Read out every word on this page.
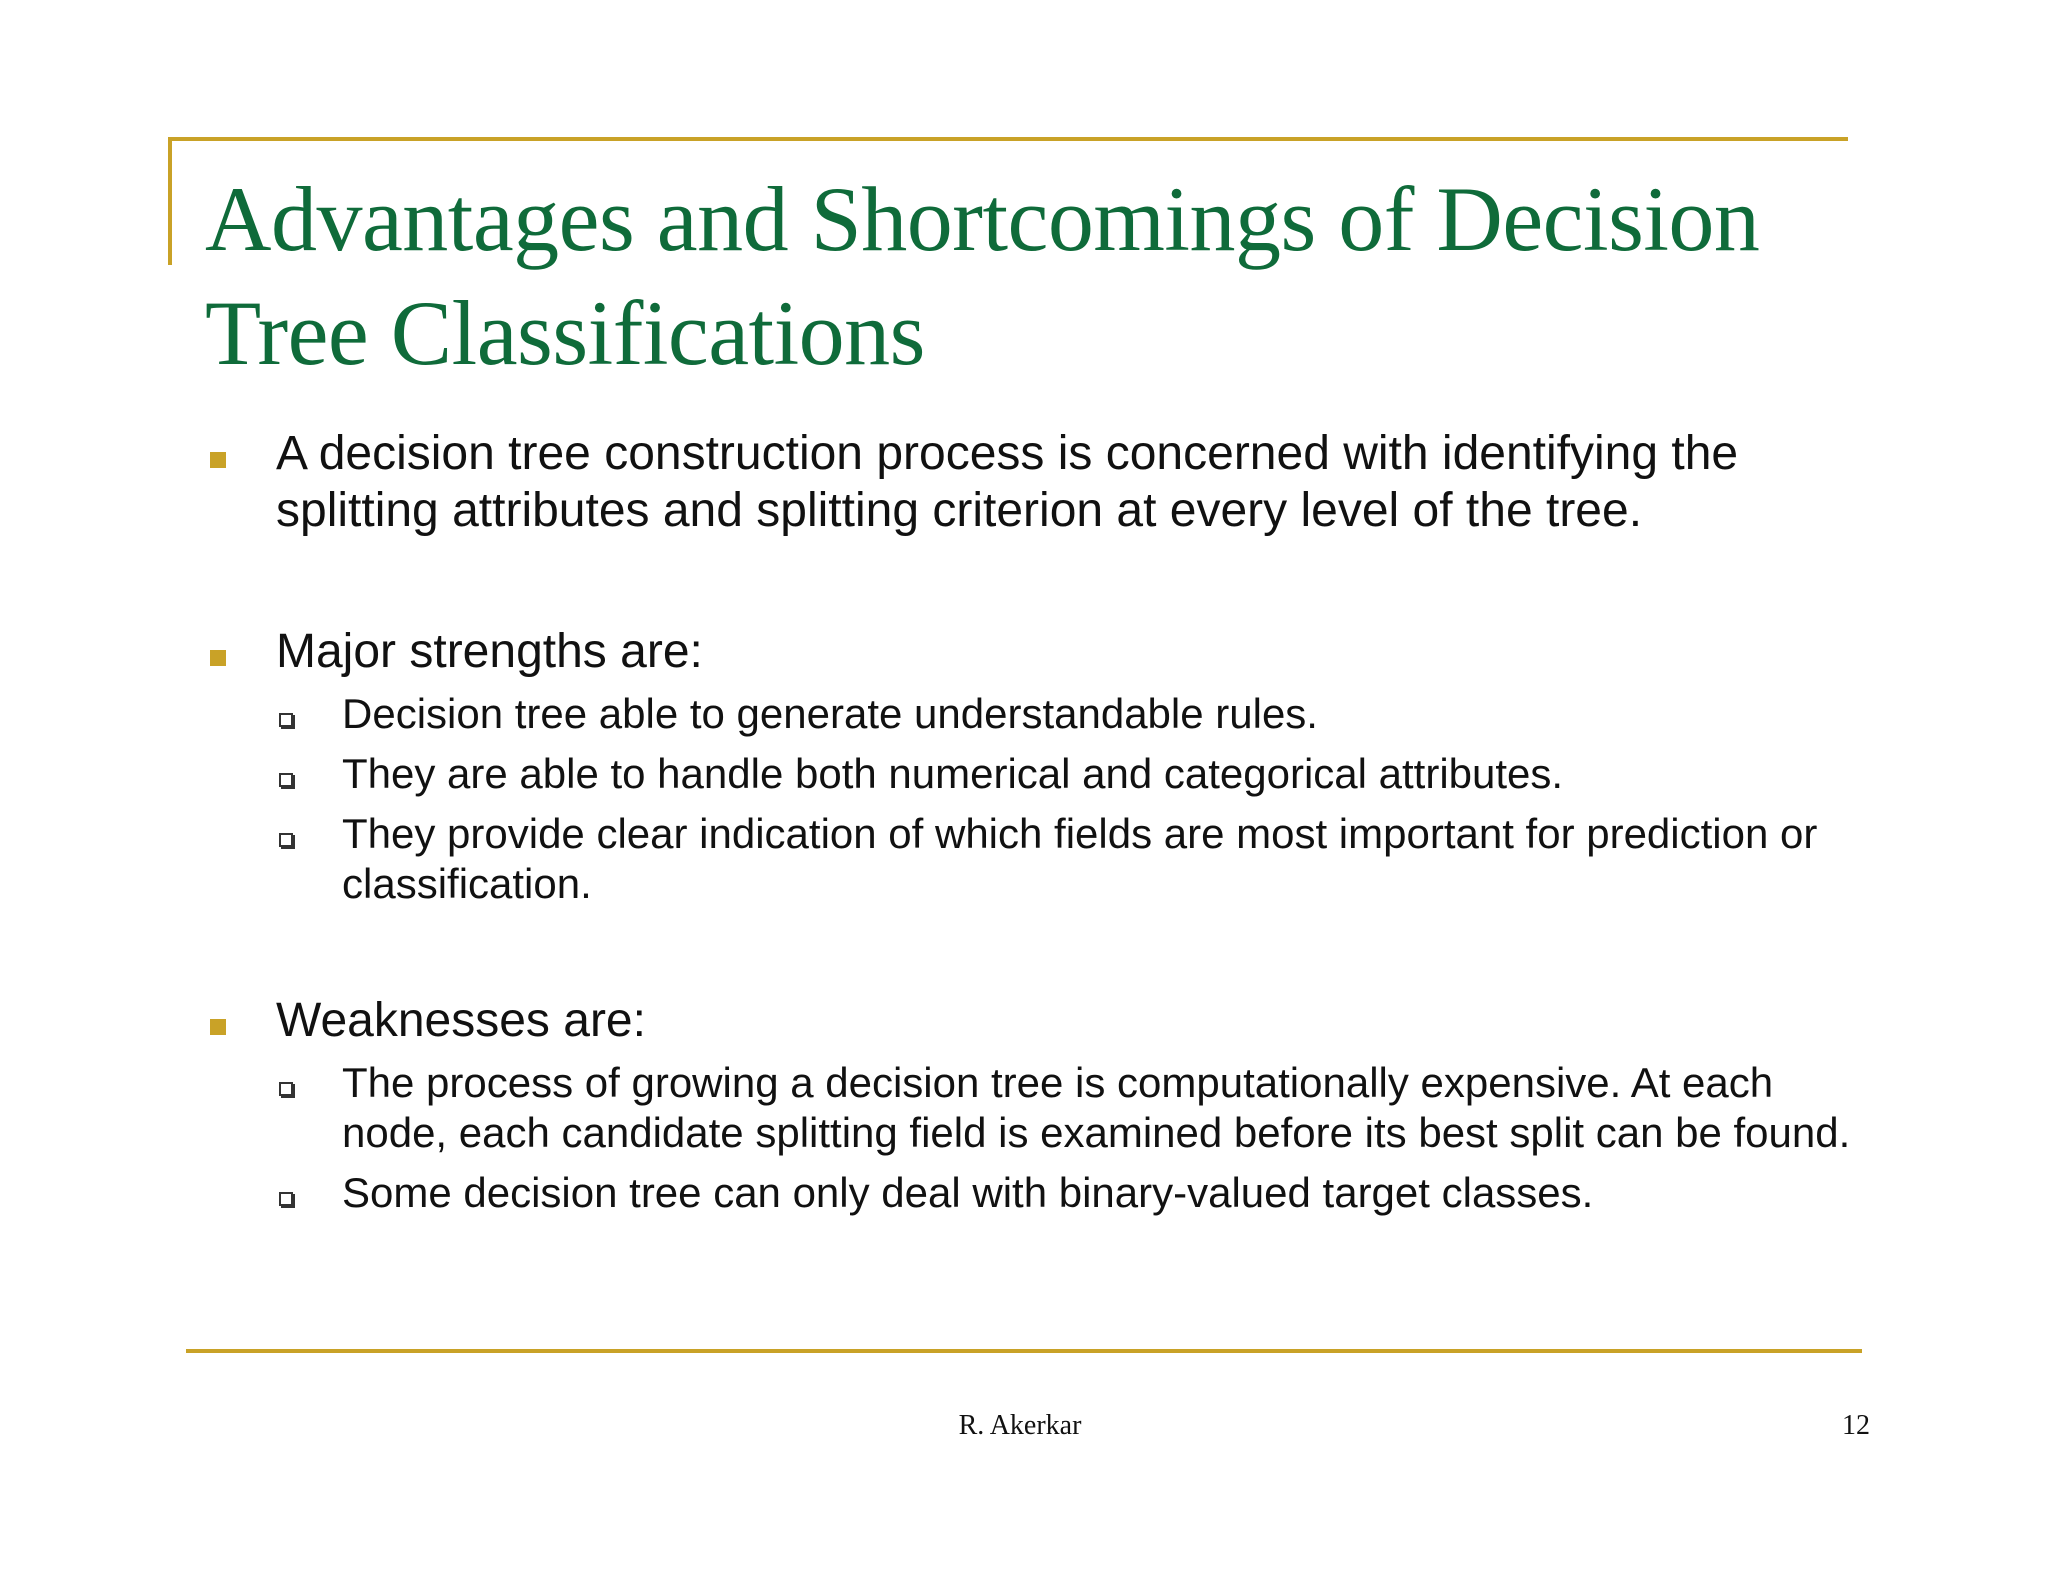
Advantages and Shortcomings of Decision Tree Classifications
A decision tree construction process is concerned with identifying the splitting attributes and splitting criterion at every level of the tree.
Major strengths are:
Decision tree able to generate understandable rules.
They are able to handle both numerical and categorical attributes.
They provide clear indication of which fields are most important for prediction or classification.
Weaknesses are:
The process of growing a decision tree is computationally expensive. At each node, each candidate splitting field is examined before its best split can be found.
Some decision tree can only deal with binary-valued target classes.
R. Akerkar	12
